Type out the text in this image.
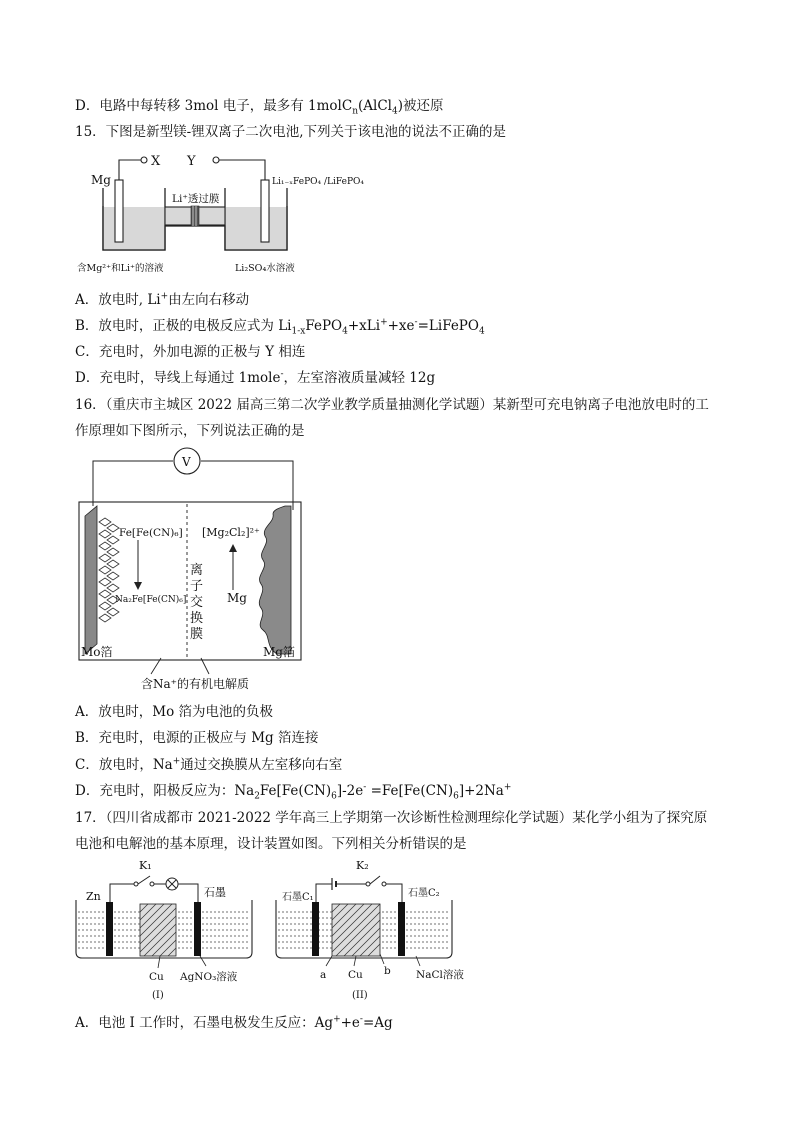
D．电路中每转移 3mol 电子，最多有 1molC$_n$(AlCl$_4$)被还原
15．下图是新型镁-锂双离子二次电池,下列关于该电池的说法不正确的是
Mg
X Y
Li₁₋ₓFePO₄ /LiFePO₄
Li⁺透过膜
含Mg²⁺和Li⁺的溶液	Li₂SO₄水溶液
A．放电时, Li+由左向右移动
B．放电时，正极的电极反应式为 $Li_{1-x}FePO_4+xLi^++xe^-=LiFePO_4$
C．充电时，外加电源的正极与 Y 相连
D．充电时，导线上每通过 1mole-，左室溶液质量减轻 12g
16．（重庆市主城区 2022 届高三第二次学业教学质量抽测化学试题）某新型可充电钠离子电池放电时的工
作原理如下图所示，下列说法正确的是
V
Fe[Fe(CN)₆]
Na₂Fe[Fe(CN)₆]
[Mg₂Cl₂]²⁺
Mg
离
子
交
换
膜
Mo箔	Mg箔
含Na⁺的有机电解质
A．放电时，Mo 箔为电池的负极
B．充电时，电源的正极应与 Mg 箔连接
C．放电时，Na+通过交换膜从左室移向右室
D．充电时，阳极反应为：$Na_2Fe[Fe(CN)_6]-2e^- =Fe[Fe(CN)_6]+2Na^+$
17．（四川省成都市 2021-2022 学年高三上学期第一次诊断性检测理综化学试题）某化学小组为了探究原
电池和电解池的基本原理，设计装置如图。下列相关分析错误的是
K₁
Zn	石墨
Cu AgNO₃溶液
(I)
K₂
石墨C₁	石墨C₂
a Cu b NaCl溶液
(II)
A．电池 I 工作时，石墨电极发生反应：Ag++e-=Ag
